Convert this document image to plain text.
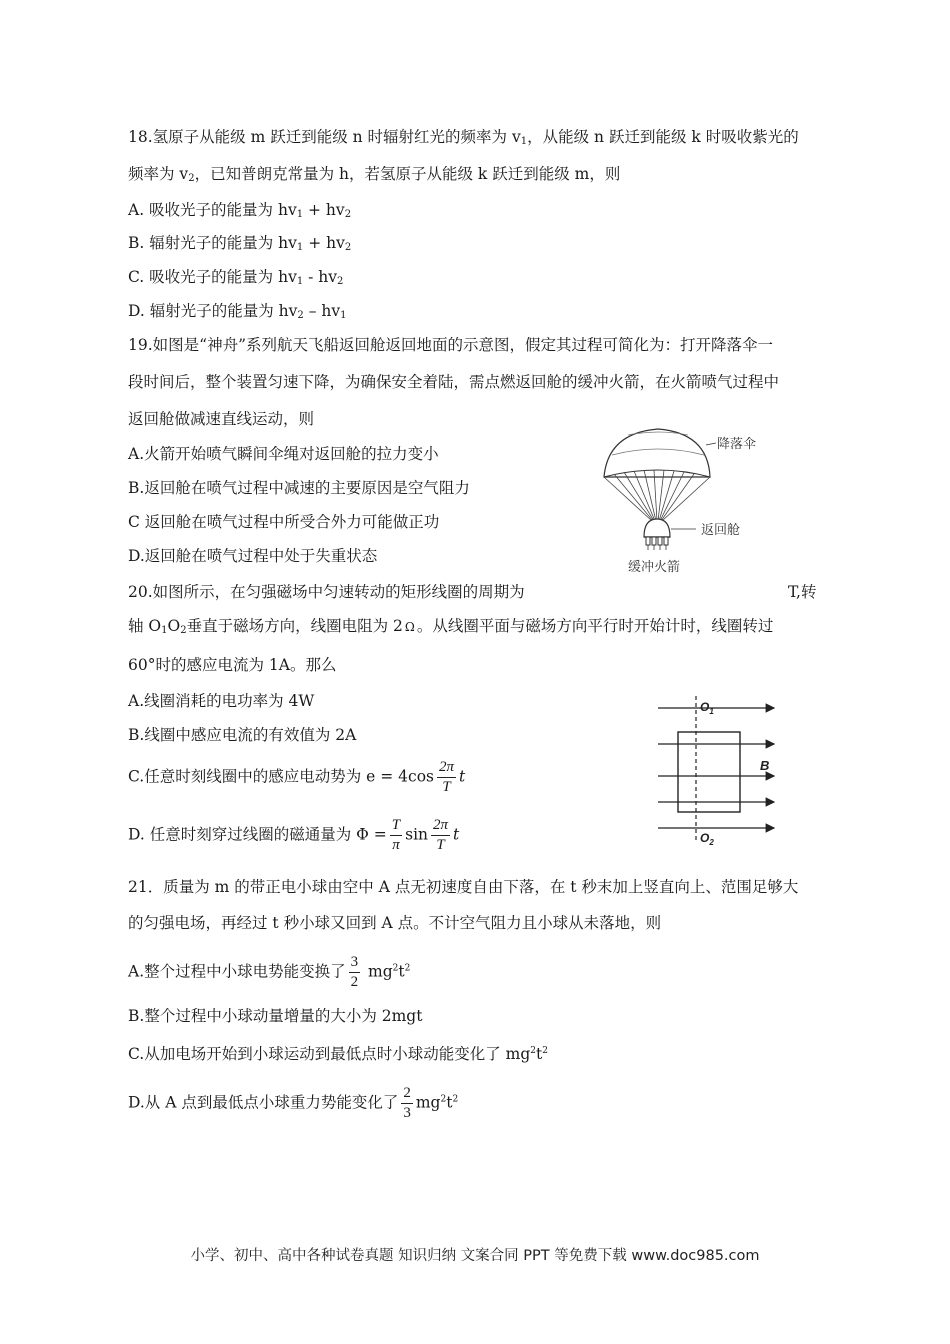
18.氢原子从能级 m 跃迁到能级 n 时辐射红光的频率为 $v_1$，从能级 n 跃迁到能级 k 时吸收紫光的
频率为 $v_2$，已知普朗克常量为 h，若氢原子从能级 k 跃迁到能级 m，则
A. 吸收光子的能量为 $hv_1 + hv_2$
B. 辐射光子的能量为 $hv_1 + hv_2$
C. 吸收光子的能量为 $hv_1 - hv_2$
D. 辐射光子的能量为 $hv_2 - hv_1$
19.如图是“神舟”系列航天飞船返回舱返回地面的示意图，假定其过程可简化为：打开降落伞一
段时间后，整个装置匀速下降，为确保安全着陆，需点燃返回舱的缓冲火箭，在火箭喷气过程中
返回舱做减速直线运动，则
A.火箭开始喷气瞬间伞绳对返回舱的拉力变小
B.返回舱在喷气过程中减速的主要原因是空气阻力
C 返回舱在喷气过程中所受合外力可能做正功
D.返回舱在喷气过程中处于失重状态
降落伞
返回舱
缓冲火箭
20.如图所示，在匀强磁场中匀速转动的矩形线圈的周期为	T,转
轴 $O_1O_2$垂直于磁场方向，线圈电阻为 2 Ω 。从线圈平面与磁场方向平行时开始计时，线圈转过
60°时的感应电流为 1A。那么
A.线圈消耗的电功率为 4W
B.线圈中感应电流的有效值为 2A
C.任意时刻线圈中的感应电动势为 $e = 4\cos \frac{2\pi}{T}$ t
D. 任意时刻穿过线圈的磁通量为 $\Phi = \frac{T}{\pi}$ $\sin \frac{2\pi}{T}$ t
$O_1$
$O_2$
B
21．质量为 m 的带正电小球由空中 A 点无初速度自由下落，在 t 秒末加上竖直向上、范围足够大
的匀强电场，再经过 t 秒小球又回到 A 点。不计空气阻力且小球从未落地，则
A.整个过程中小球电势能变换了 $\frac{3}{2} mg^2t^2$
B.整个过程中小球动量增量的大小为 2mgt
C.从加电场开始到小球运动到最低点时小球动能变化了 $mg^2t^2$
D.从 A 点到最低点小球重力势能变化了 $\frac{2}{3} mg^2t^2$
小学、初中、高中各种试卷真题 知识归纳 文案合同 PPT 等免费下载 www.doc985.com
